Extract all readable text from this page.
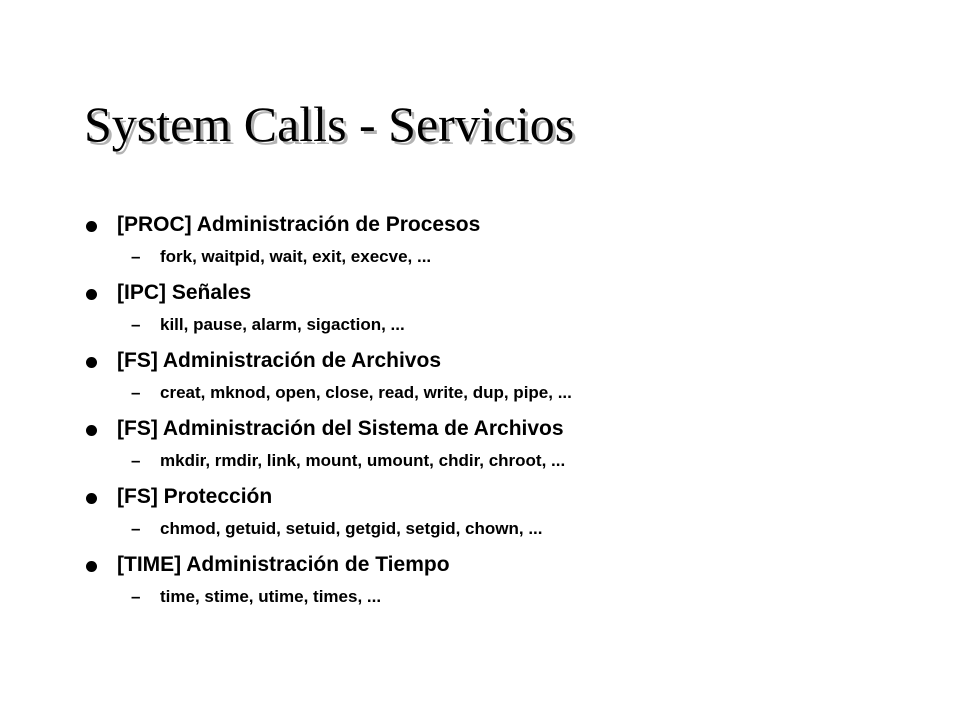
System Calls - Servicios
[PROC] Administración de Procesos
– fork, waitpid, wait, exit, execve, ...
[IPC] Señales
– kill, pause, alarm, sigaction, ...
[FS] Administración de Archivos
– creat, mknod, open, close, read, write, dup, pipe, ...
[FS] Administración del Sistema de Archivos
– mkdir, rmdir, link, mount, umount, chdir, chroot, ...
[FS] Protección
– chmod, getuid, setuid, getgid, setgid, chown, ...
[TIME] Administración de Tiempo
– time, stime, utime, times, ...
